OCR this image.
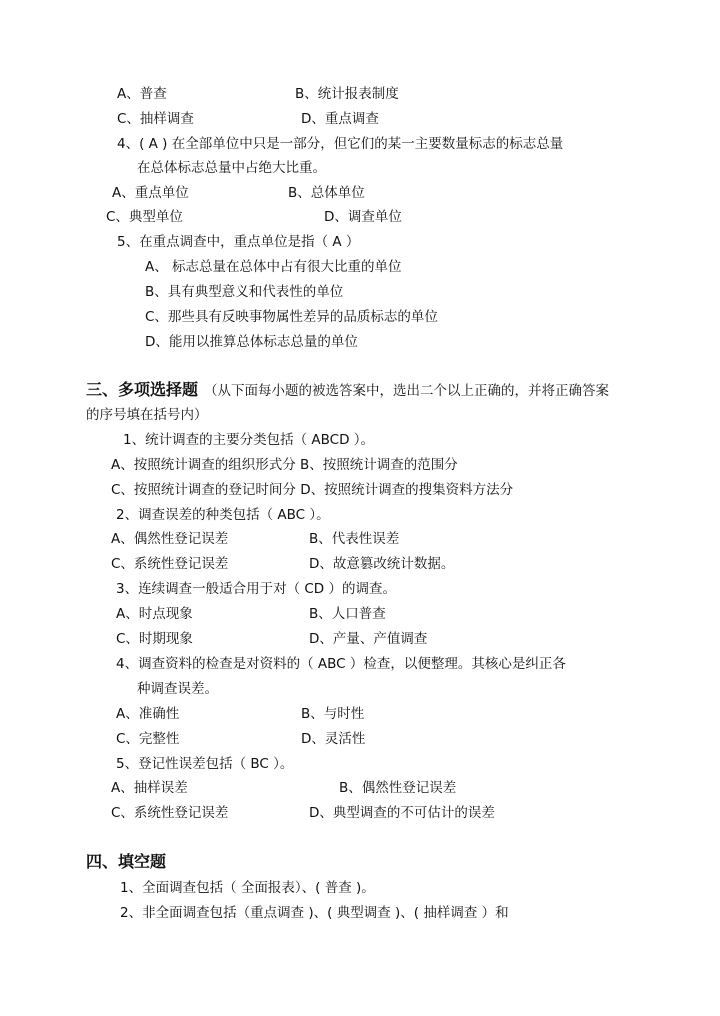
A、普查	B、统计报表制度
C、抽样调查	D、重点调查
4、( A ) 在全部单位中只是一部分，但它们的某一主要数量标志的标志总量
在总体标志总量中占绝大比重。
A、重点单位	B、总体单位
C、典型单位	D、调查单位
5、在重点调查中，重点单位是指（ A ）
A、 标志总量在总体中占有很大比重的单位
B、具有典型意义和代表性的单位
C、那些具有反映事物属性差异的品质标志的单位
D、能用以推算总体标志总量的单位
三、多项选择题 （从下面每小题的被选答案中，选出二个以上正确的，并将正确答案
的序号填在括号内）
1、统计调查的主要分类包括（ ABCD ）。
A、按照统计调查的组织形式分 B、按照统计调查的范围分
C、按照统计调查的登记时间分 D、按照统计调查的搜集资料方法分
2、调查误差的种类包括（ ABC ）。
A、偶然性登记误差	B、代表性误差
C、系统性登记误差	D、故意篡改统计数据。
3、连续调查一般适合用于对（ CD ）的调查。
A、时点现象	B、人口普查
C、时期现象	D、产量、产值调查
4、调查资料的检查是对资料的（ ABC ）检查，以便整理。其核心是纠正各
种调查误差。
A、准确性	B、与时性
C、完整性	D、灵活性
5、登记性误差包括（ BC ）。
A、抽样误差	B、偶然性登记误差
C、系统性登记误差	D、典型调查的不可估计的误差
四、填空题
1、全面调查包括（ 全面报表）、( 普查 )。
2、非全面调查包括（重点调查 )、( 典型调查 )、( 抽样调查 ）和
